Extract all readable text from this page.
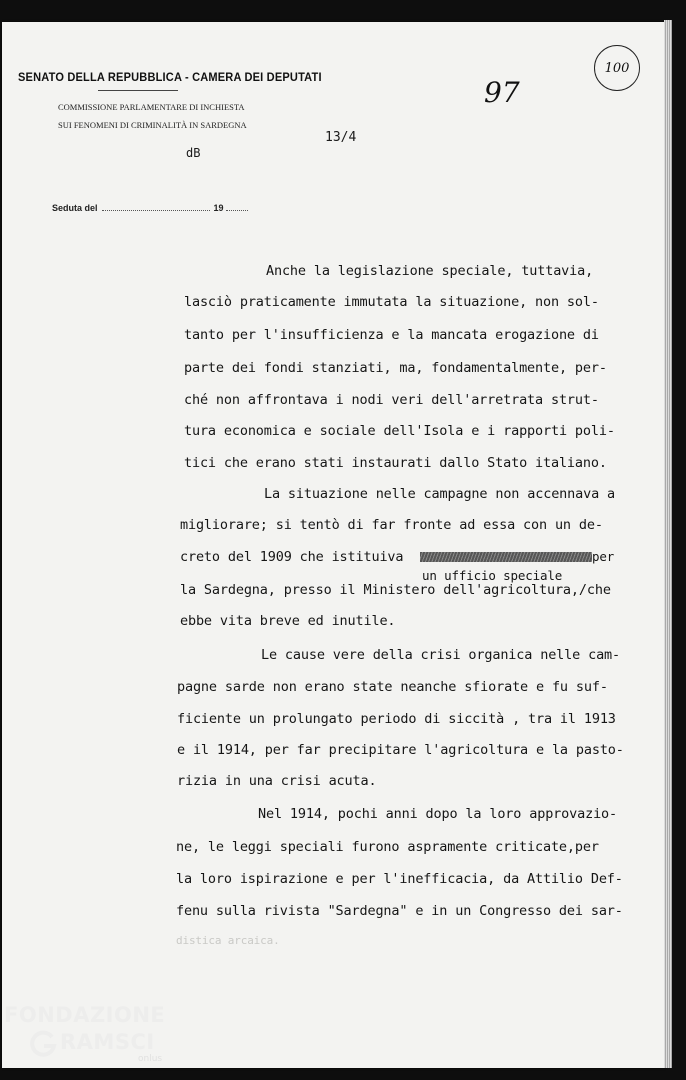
SENATO DELLA REPUBBLICA - CAMERA DEI DEPUTATI
COMMISSIONE PARLAMENTARE DI INCHIESTA
SUI FENOMENI DI CRIMINALITÀ IN SARDEGNA
dB
13/4
97
100
Seduta del	19
Anche la legislazione speciale, tuttavia,
lasciò praticamente immutata la situazione, non sol-
tanto per l'insufficienza e la mancata erogazione di
parte dei fondi stanziati, ma, fondamentalmente, per-
ché non affrontava i nodi veri dell'arretrata strut-
tura economica e sociale dell'Isola e i rapporti poli-
tici che erano stati instaurati dallo Stato italiano.
La situazione nelle campagne non accennava a
migliorare; si tentò di far fronte ad essa con un de-
creto del 1909 che istituiva	per
un ufficio speciale
la Sardegna, presso il Ministero dell'agricoltura,/che
ebbe vita breve ed inutile.
Le cause vere della crisi organica nelle cam-
pagne sarde non erano state neanche sfiorate e fu suf-
ficiente un prolungato periodo di siccità , tra il 1913
e il 1914, per far precipitare l'agricoltura e la pasto-
rizia in una crisi acuta.
Nel 1914, pochi anni dopo la loro approvazio-
ne, le leggi speciali furono aspramente criticate,per
la loro ispirazione e per l'inefficacia, da Attilio Def-
fenu sulla rivista "Sardegna" e in un Congresso dei sar-
distica arcaica.
FONDAZIONE
RAMSCI
onlus
